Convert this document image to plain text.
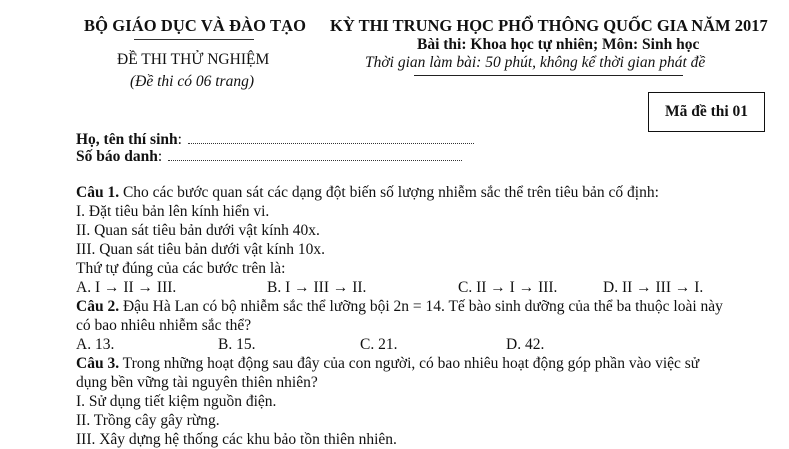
BỘ GIÁO DỤC VÀ ĐÀO TẠO
ĐỀ THI THỬ NGHIỆM
(Đề thi có 06 trang)
KỲ THI TRUNG HỌC PHỔ THÔNG QUỐC GIA NĂM 2017
Bài thi: Khoa học tự nhiên; Môn: Sinh học
Thời gian làm bài: 50 phút, không kể thời gian phát đề
Mã đề thi 01
Họ, tên thí sinh:
Số báo danh:
Câu 1. Cho các bước quan sát các dạng đột biến số lượng nhiễm sắc thể trên tiêu bản cố định:
I. Đặt tiêu bản lên kính hiển vi.
II. Quan sát tiêu bản dưới vật kính 40x.
III. Quan sát tiêu bản dưới vật kính 10x.
Thứ tự đúng của các bước trên là:
A. I → II → III.	B. I → III → II.	C. II → I → III.	D. II → III → I.
Câu 2. Đậu Hà Lan có bộ nhiễm sắc thể lưỡng bội 2n = 14. Tế bào sinh dưỡng của thể ba thuộc loài này
có bao nhiêu nhiễm sắc thể?
A. 13.	B. 15.	C. 21.	D. 42.
Câu 3. Trong những hoạt động sau đây của con người, có bao nhiêu hoạt động góp phần vào việc sử
dụng bền vững tài nguyên thiên nhiên?
I. Sử dụng tiết kiệm nguồn điện.
II. Trồng cây gây rừng.
III. Xây dựng hệ thống các khu bảo tồn thiên nhiên.
